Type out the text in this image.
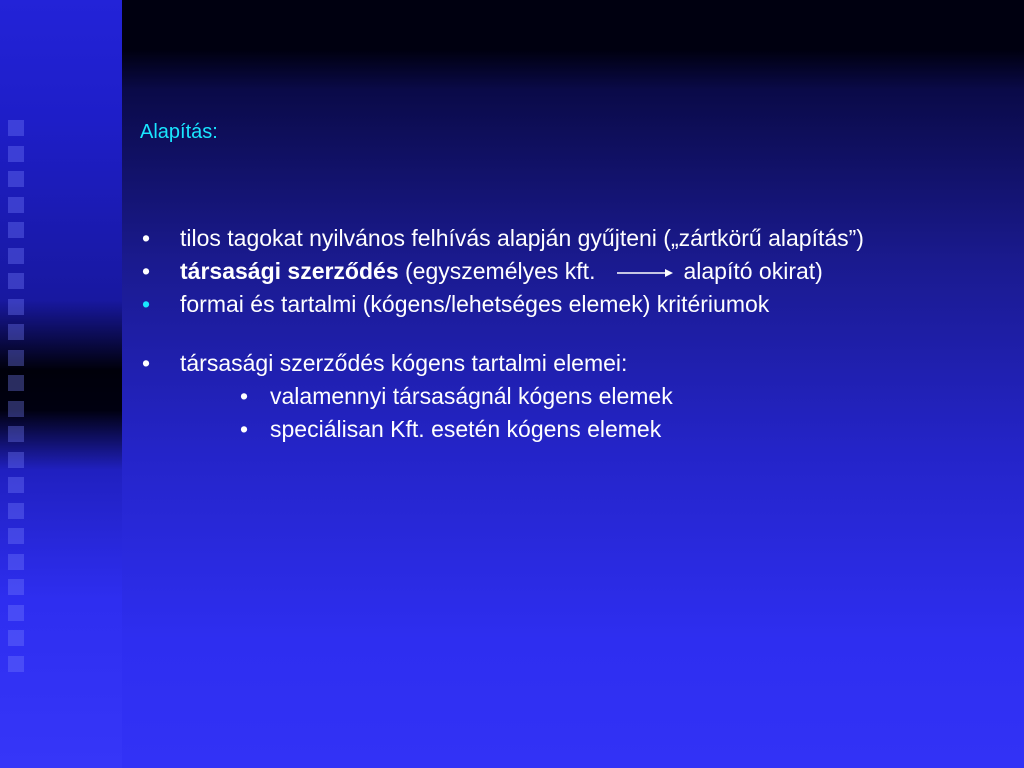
Alapítás:
•	tilos tagokat nyilvános felhívás alapján gyűjteni („zártkörű alapítás”)
•	társasági szerződés (egyszemélyes kft.	alapító okirat)
•	formai és tartalmi (kógens/lehetséges elemek) kritériumok
•	társasági szerződés kógens tartalmi elemei:
• valamennyi társaságnál kógens elemek
• speciálisan Kft. esetén kógens elemek
